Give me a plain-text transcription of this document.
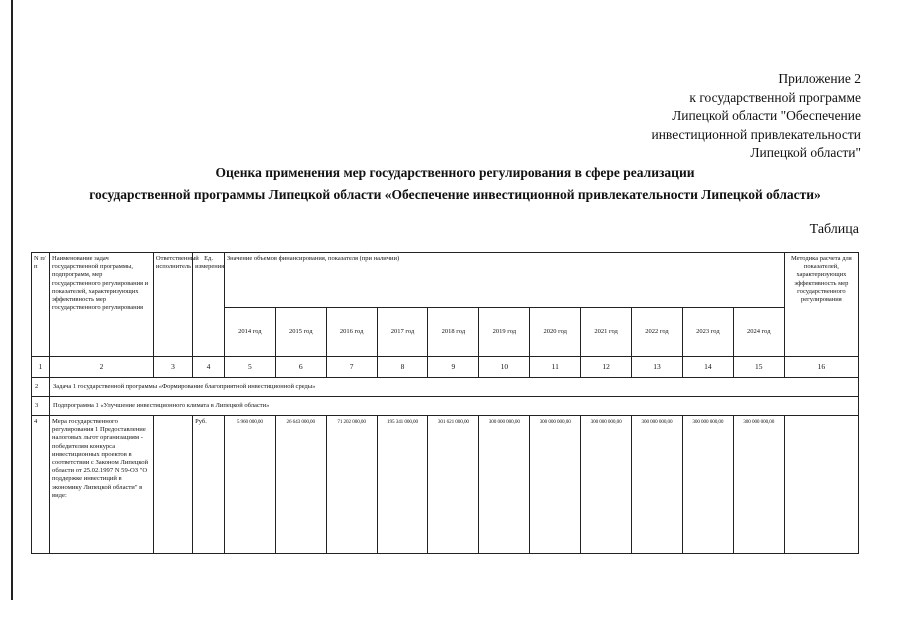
Приложение 2
к государственной программе
Липецкой области "Обеспечение
инвестиционной привлекательности
Липецкой области"
Оценка применения мер государственного регулирования в сфере реализации
государственной программы Липецкой области «Обеспечение инвестиционной привлекательности Липецкой области»
Таблица
N п/ п	Наименование задач государственной программы, подпрограмм, мер государственного регулирования и показателей, характеризующих эффективность мер государственного регулирования	Ответственный исполнитель	Ед. измерения	Значение объемов финансирования, показателя (при наличии)											Методика расчета для показателей, характеризующих эффективность мер государственного регулирования
				2014 год	2015 год	2016 год	2017 год	2018 год	2019 год	2020 год	2021 год	2022 год	2023 год	2024 год	
1	2	3	4	5	6	7	8	9	10	11	12	13	14	15	16
2	Задача 1 государственной программы «Формирование благоприятной инвестиционной среды»														
3	Подпрограмма 1 «Улучшение инвестиционного климата в Липецкой области»														
4	Мера государственного регулирования 1 Предоставление налоговых льгот организациям - победителям конкурса инвестиционных проектов в соответствии с Законом Липецкой области от 25.02.1997 N 59-ОЗ "О поддержке инвестиций в экономику Липецкой области" в виде:		Руб.	5 960 000,00	26 643 000,00	71 202 000,00	195 341 000,00	301 621 000,00	300 000 000,00	300 000 000,00	300 000 000,00	300 000 000,00	300 000 000,00	300 000 000,00	
